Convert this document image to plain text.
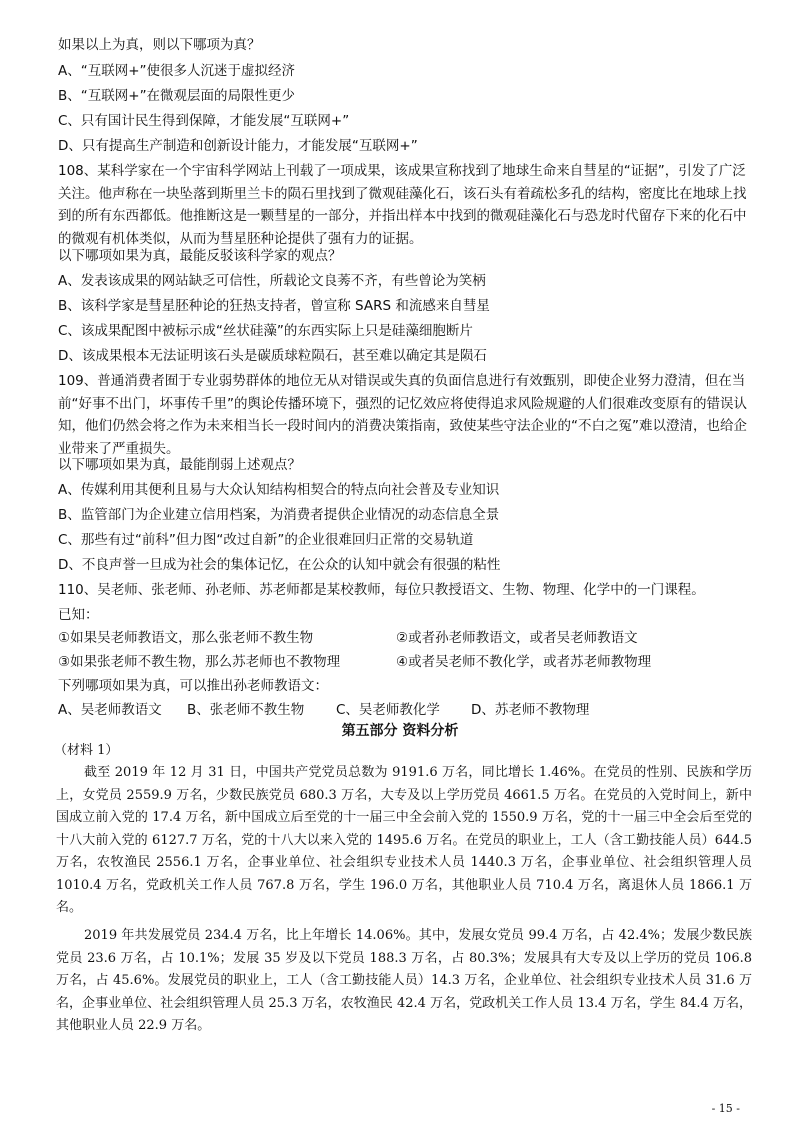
如果以上为真，则以下哪项为真？
A、“互联网+”使很多人沉迷于虚拟经济
B、“互联网+”在微观层面的局限性更少
C、只有国计民生得到保障，才能发展“互联网+”
D、只有提高生产制造和创新设计能力，才能发展“互联网+”
108、某科学家在一个宇宙科学网站上刊载了一项成果，该成果宣称找到了地球生命来自彗星的“证据”，引发了广泛关注。他声称在一块坠落到斯里兰卡的陨石里找到了微观硅藻化石，该石头有着疏松多孔的结构，密度比在地球上找到的所有东西都低。他推断这是一颗彗星的一部分，并指出样本中找到的微观硅藻化石与恐龙时代留存下来的化石中的微观有机体类似，从而为彗星胚种论提供了强有力的证据。
以下哪项如果为真，最能反驳该科学家的观点？
A、发表该成果的网站缺乏可信性，所载论文良莠不齐，有些曾论为笑柄
B、该科学家是彗星胚种论的狂热支持者，曾宣称 SARS 和流感来自彗星
C、该成果配图中被标示成“丝状硅藻”的东西实际上只是硅藻细胞断片
D、该成果根本无法证明该石头是碳质球粒陨石，甚至难以确定其是陨石
109、普通消费者囿于专业弱势群体的地位无从对错误或失真的负面信息进行有效甄别，即使企业努力澄清，但在当前“好事不出门，坏事传千里”的舆论传播环境下，强烈的记忆效应将使得追求风险规避的人们很难改变原有的错误认知，他们仍然会将之作为未来相当长一段时间内的消费决策指南，致使某些守法企业的“不白之冤”难以澄清，也给企业带来了严重损失。
以下哪项如果为真，最能削弱上述观点？
A、传媒利用其便利且易与大众认知结构相契合的特点向社会普及专业知识
B、监管部门为企业建立信用档案，为消费者提供企业情况的动态信息全景
C、那些有过“前科”但力图“改过自新”的企业很难回归正常的交易轨道
D、不良声誉一旦成为社会的集体记忆，在公众的认知中就会有很强的粘性
110、吴老师、张老师、孙老师、苏老师都是某校教师，每位只教授语文、生物、物理、化学中的一门课程。
已知：
①如果吴老师教语文，那么张老师不教生物	②或者孙老师教语文，或者吴老师教语文
③如果张老师不教生物，那么苏老师也不教物理	④或者吴老师不教化学，或者苏老师教物理
下列哪项如果为真，可以推出孙老师教语文：
A、吴老师教语文 B、张老师不教生物 C、吴老师教化学 D、苏老师不教物理
第五部分 资料分析
（材料 1）
截至 2019 年 12 月 31 日，中国共产党党员总数为 9191.6 万名，同比增长 1.46%。在党员的性别、民族和学历上，女党员 2559.9 万名，少数民族党员 680.3 万名，大专及以上学历党员 4661.5 万名。在党员的入党时间上，新中国成立前入党的 17.4 万名，新中国成立后至党的十一届三中全会前入党的 1550.9 万名，党的十一届三中全会后至党的十八大前入党的 6127.7 万名，党的十八大以来入党的 1495.6 万名。在党员的职业上，工人（含工勤技能人员）644.5 万名，农牧渔民 2556.1 万名，企事业单位、社会组织专业技术人员 1440.3 万名，企事业单位、社会组织管理人员 1010.4 万名，党政机关工作人员 767.8 万名，学生 196.0 万名，其他职业人员 710.4 万名，离退休人员 1866.1 万名。
2019 年共发展党员 234.4 万名，比上年增长 14.06%。其中，发展女党员 99.4 万名，占 42.4%；发展少数民族党员 23.6 万名，占 10.1%；发展 35 岁及以下党员 188.3 万名，占 80.3%；发展具有大专及以上学历的党员 106.8 万名，占 45.6%。发展党员的职业上，工人（含工勤技能人员）14.3 万名，企业单位、社会组织专业技术人员 31.6 万名，企事业单位、社会组织管理人员 25.3 万名，农牧渔民 42.4 万名，党政机关工作人员 13.4 万名，学生 84.4 万名，其他职业人员 22.9 万名。
- 15 -
